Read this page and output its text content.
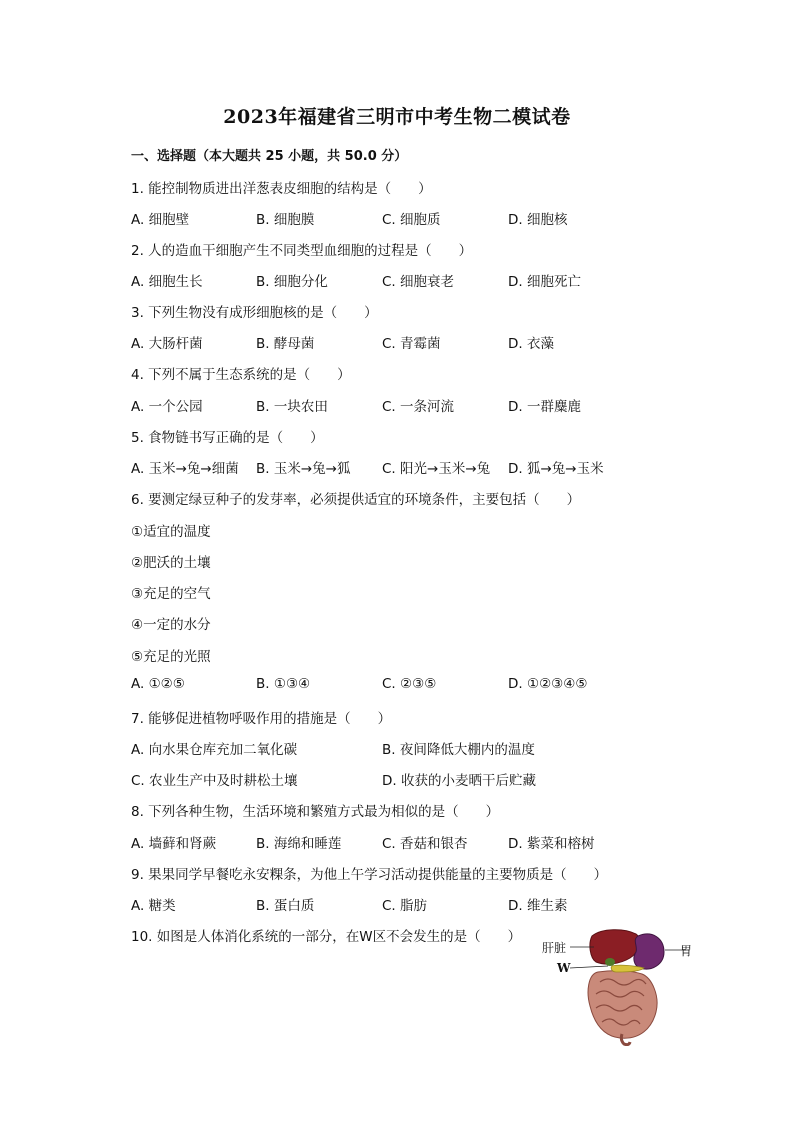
2023年福建省三明市中考生物二模试卷
一、选择题（本大题共 25 小题，共 50.0 分）
1. 能控制物质进出洋葱表皮细胞的结构是（　　）
A. 细胞壁	B. 细胞膜	C. 细胞质	D. 细胞核
2. 人的造血干细胞产生不同类型血细胞的过程是（　　）
A. 细胞生长	B. 细胞分化	C. 细胞衰老	D. 细胞死亡
3. 下列生物没有成形细胞核的是（　　）
A. 大肠杆菌	B. 酵母菌	C. 青霉菌	D. 衣藻
4. 下列不属于生态系统的是（　　）
A. 一个公园	B. 一块农田	C. 一条河流	D. 一群麋鹿
5. 食物链书写正确的是（　　）
A. 玉米→兔→细菌 B. 玉米→兔→狐 C. 阳光→玉米→兔 D. 狐→兔→玉米
6. 要测定绿豆种子的发芽率，必须提供适宜的环境条件，主要包括（　　）
①适宜的温度
②肥沃的土壤
③充足的空气
④一定的水分
⑤充足的光照
A. ①②⑤	B. ①③④	C. ②③⑤	D. ①②③④⑤
7. 能够促进植物呼吸作用的措施是（　　）
A. 向水果仓库充加二氧化碳	B. 夜间降低大棚内的温度
C. 农业生产中及时耕松土壤	D. 收获的小麦晒干后贮藏
8. 下列各种生物，生活环境和繁殖方式最为相似的是（　　）
A. 墙藓和肾蕨	B. 海绵和睡莲	C. 香菇和银杏	D. 紫菜和榕树
9. 果果同学早餐吃永安粿条，为他上午学习活动提供能量的主要物质是（　　）
A. 糖类	B. 蛋白质	C. 脂肪	D. 维生素
10. 如图是人体消化系统的一部分，在W区不会发生的是（　　）
肝脏	胃
W
